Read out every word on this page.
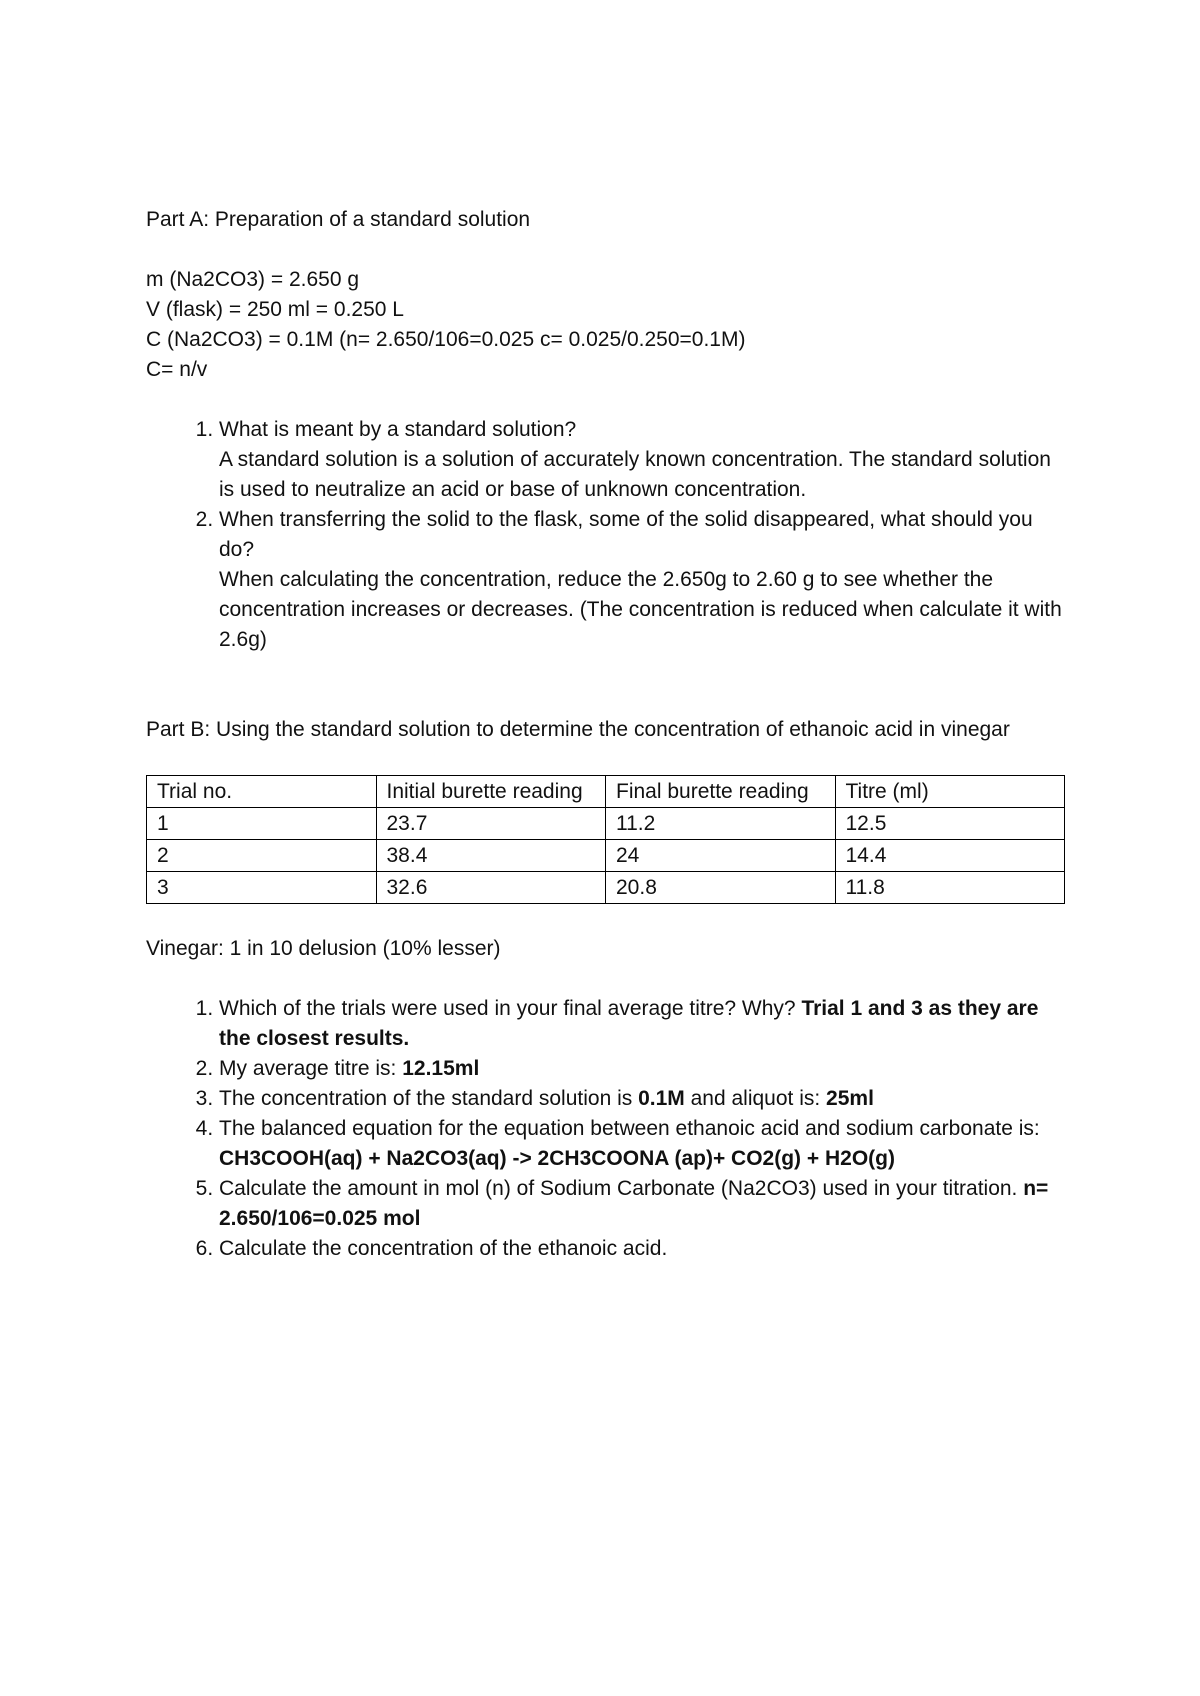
Part A: Preparation of a standard solution

m (Na2CO3) = 2.650 g

V (flask) = 250 ml = 0.250 L

C (Na2CO3) = 0.1M (n= 2.650/106=0.025 c= 0.025/0.250=0.1M)

C= n/v

1. What is meant by a standard solution?
A standard solution is a solution of accurately known concentration. The standard solution is used to neutralize an acid or base of unknown concentration.
2. When transferring the solid to the flask, some of the solid disappeared, what should you do?
When calculating the concentration, reduce the 2.650g to 2.60 g to see whether the concentration increases or decreases. (The concentration is reduced when calculate it with 2.6g)

Part B: Using the standard solution to determine the concentration of ethanoic acid in vinegar

Trial no.	Initial burette reading	Final burette reading	Titre (ml)
1	23.7	11.2	12.5
2	38.4	24	14.4
3	32.6	20.8	11.8

Vinegar: 1 in 10 delusion (10% lesser)

1. Which of the trials were used in your final average titre? Why? Trial 1 and 3 as they are the closest results.
2. My average titre is: 12.15ml
3. The concentration of the standard solution is 0.1M and aliquot is: 25ml
4. The balanced equation for the equation between ethanoic acid and sodium carbonate is: CH3COOH(aq) + Na2CO3(aq) -> 2CH3COONA (ap)+ CO2(g) + H2O(g)
5. Calculate the amount in mol (n) of Sodium Carbonate (Na2CO3) used in your titration. n= 2.650/106=0.025 mol
6. Calculate the concentration of the ethanoic acid.
